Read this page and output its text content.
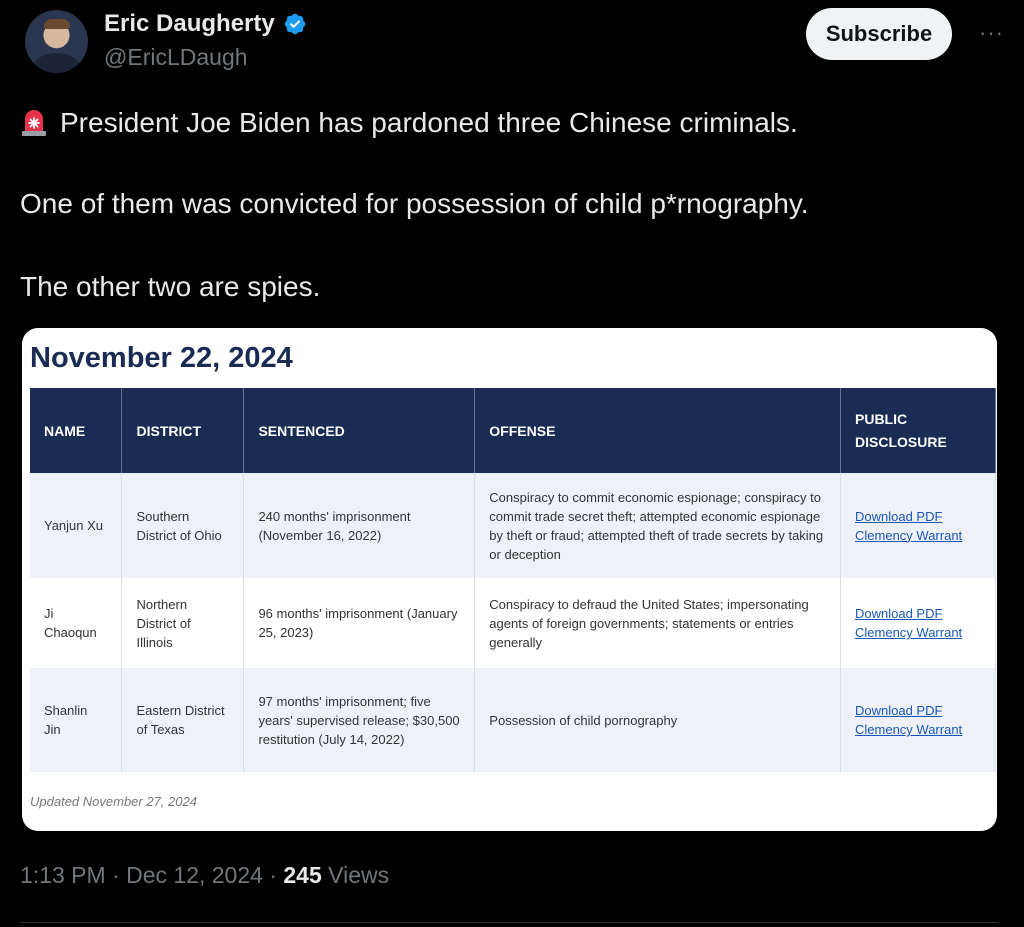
Eric Daugherty
@EricLDaugh
Subscribe	···

President Joe Biden has pardoned three Chinese criminals.

One of them was convicted for possession of child p*rnography.

The other two are spies.

November 22, 2024
NAME	DISTRICT	SENTENCED	OFFENSE	PUBLIC DISCLOSURE
Yanjun Xu	Southern District of Ohio	240 months' imprisonment (November 16, 2022)	Conspiracy to commit economic espionage; conspiracy to commit trade secret theft; attempted economic espionage by theft or fraud; attempted theft of trade secrets by taking or deception	Download PDF
Clemency Warrant

Ji Chaoqun	Northern District of Illinois	96 months' imprisonment (January 25, 2023)	Conspiracy to defraud the United States; impersonating agents of foreign governments; statements or entries generally	Download PDF
Clemency Warrant

Shanlin Jin	Eastern District of Texas	97 months' imprisonment; five years' supervised release; $30,500 restitution (July 14, 2022)	Possession of child pornography	Download PDF
Clemency Warrant
Updated November 27, 2024
1:13 PM · Dec 12, 2024 · 245 Views
